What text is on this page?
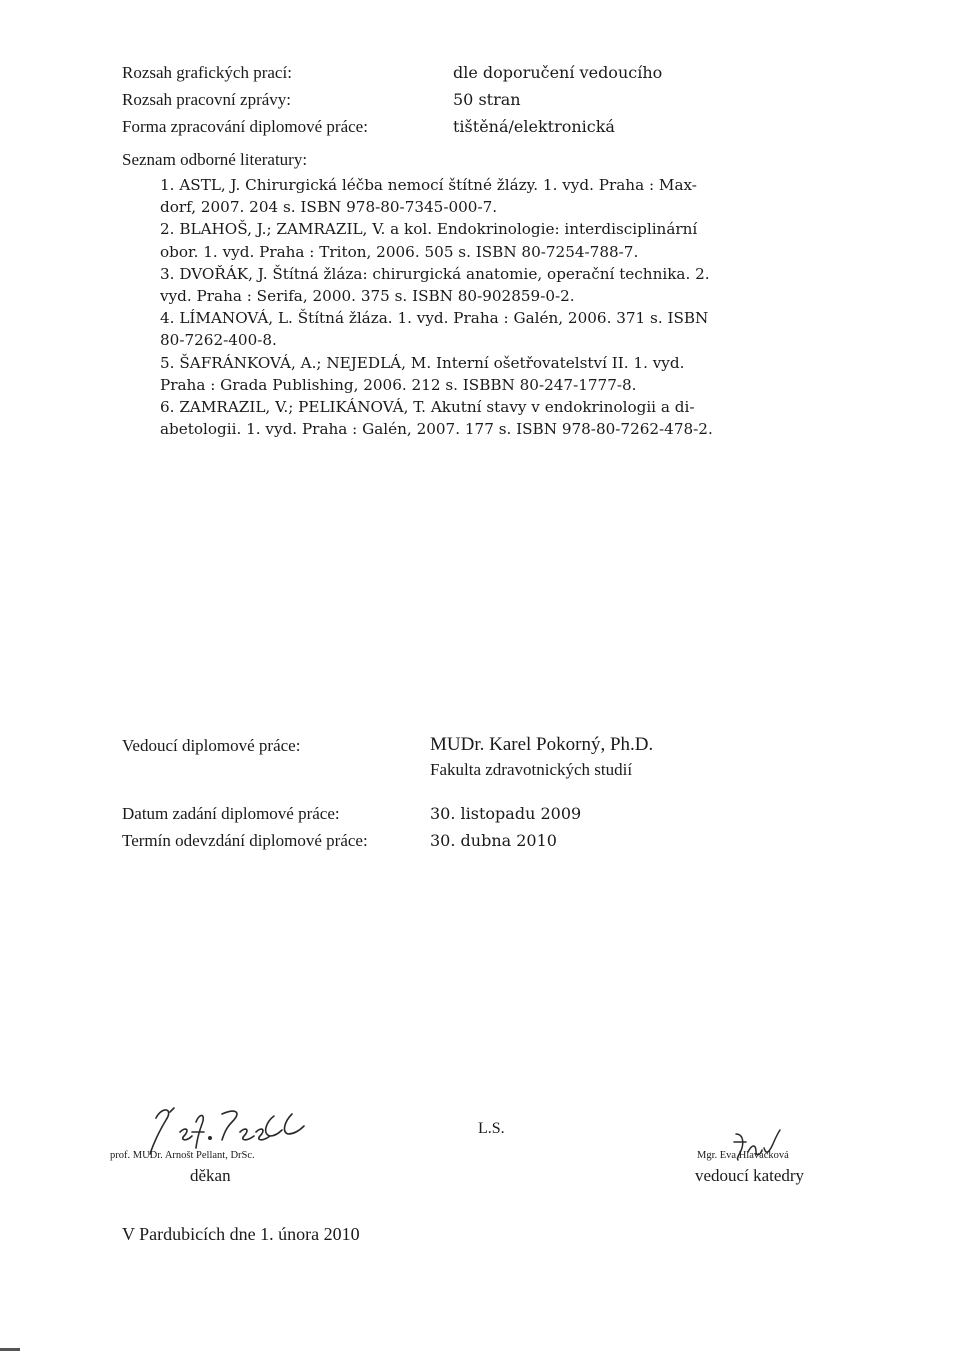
Rozsah grafických prací:	dle doporučení vedoucího
Rozsah pracovní zprávy:	50 stran
Forma zpracování diplomové práce:	tištěná/elektronická
Seznam odborné literatury:

1. ASTL, J. Chirurgická léčba nemocí štítné žlázy. 1. vyd. Praha : Max-

dorf, 2007. 204 s. ISBN 978-80-7345-000-7.

2. BLAHOŠ, J.; ZAMRAZIL, V. a kol. Endokrinologie: interdisciplinární

obor. 1. vyd. Praha : Triton, 2006. 505 s. ISBN 80-7254-788-7.

3. DVOŘÁK, J. Štítná žláza: chirurgická anatomie, operační technika. 2.

vyd. Praha : Serifa, 2000. 375 s. ISBN 80-902859-0-2.

4. LÍMANOVÁ, L. Štítná žláza. 1. vyd. Praha : Galén, 2006. 371 s. ISBN

80-7262-400-8.

5. ŠAFRÁNKOVÁ, A.; NEJEDLÁ, M. Interní ošetřovatelství II. 1. vyd.

Praha : Grada Publishing, 2006. 212 s. ISBBN 80-247-1777-8.

6. ZAMRAZIL, V.; PELIKÁNOVÁ, T. Akutní stavy v endokrinologii a di-

abetologii. 1. vyd. Praha : Galén, 2007. 177 s. ISBN 978-80-7262-478-2.

Vedoucí diplomové práce:	MUDr. Karel Pokorný, Ph.D.
Fakulta zdravotnických studií
Datum zadání diplomové práce:	30. listopadu 2009
Termín odevzdání diplomové práce:	30. dubna 2010
prof. MUDr. Arnošt Pellant, DrSc.
děkan
L.S.
Mgr. Eva Hlaváčková
vedoucí katedry
V Pardubicích dne 1. února 2010
